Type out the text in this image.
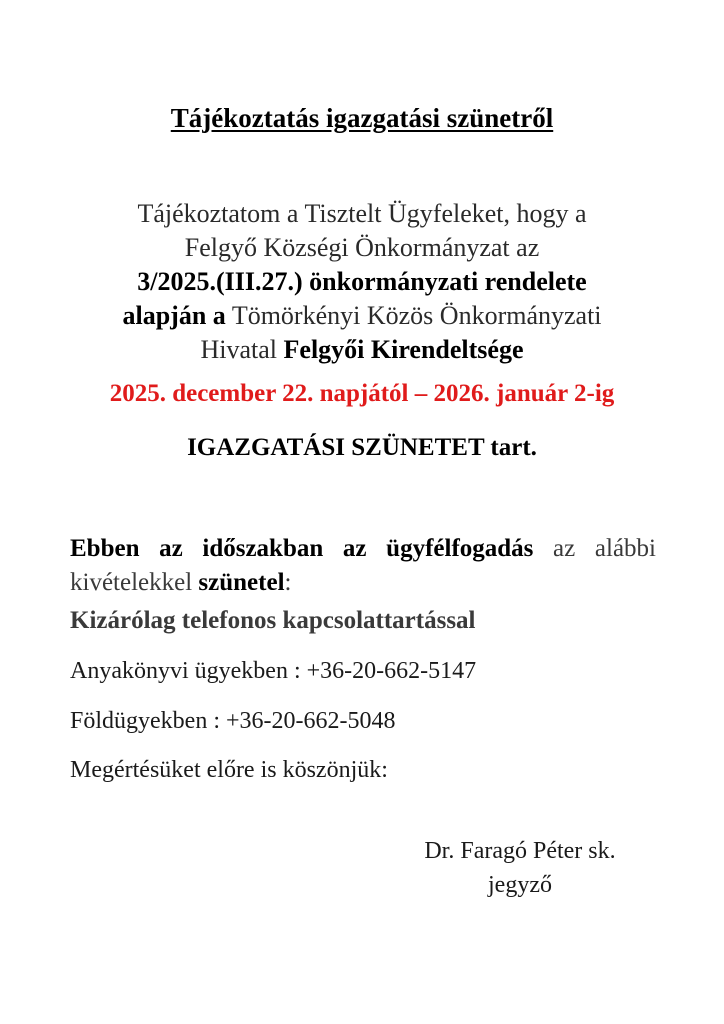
Tájékoztatás igazgatási szünetről
Tájékoztatom a Tisztelt Ügyfeleket, hogy a
Felgyő Községi Önkormányzat az
3/2025.(III.27.) önkormányzati rendelete
alapján a Tömörkényi Közös Önkormányzati
Hivatal Felgyői Kirendeltsége
2025. december 22. napjától – 2026. január 2-ig
IGAZGATÁSI SZÜNETET tart.
Ebben az időszakban az ügyfélfogadás az alábbi kivételekkel szünetel:
Kizárólag telefonos kapcsolattartással
Anyakönyvi ügyekben : +36-20-662-5147
Földügyekben : +36-20-662-5048
Megértésüket előre is köszönjük:
Dr. Faragó Péter sk.
jegyző
